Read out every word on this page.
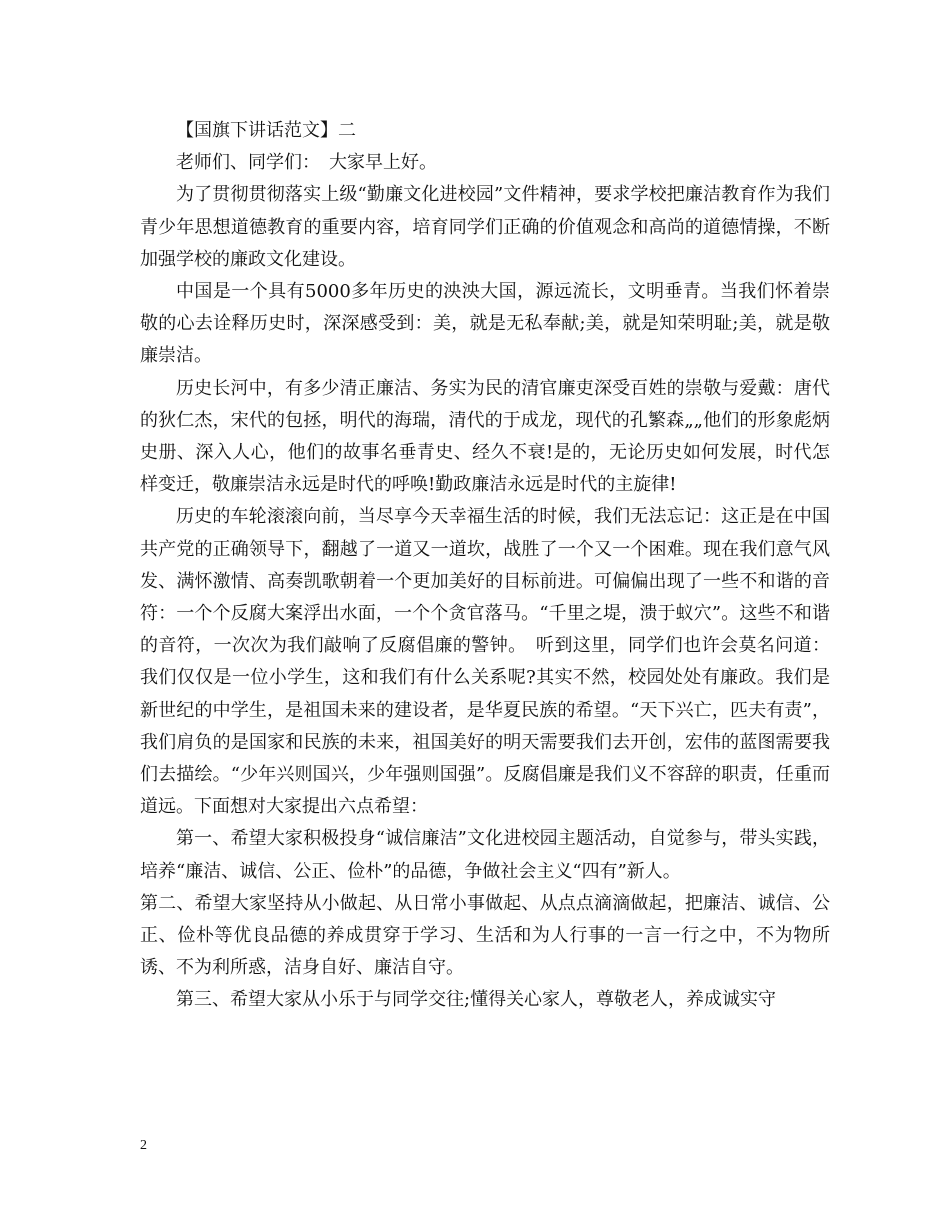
【国旗下讲话范文】二

老师们、同学们：　大家早上好。

为了贯彻贯彻落实上级“勤廉文化进校园”文件精神，要求学校把廉洁教育作为我们青少年思想道德教育的重要内容，培育同学们正确的价值观念和高尚的道德情操，不断加强学校的廉政文化建设。

中国是一个具有5000多年历史的泱泱大国，源远流长，文明垂青。当我们怀着崇敬的心去诠释历史时，深深感受到：美，就是无私奉献;美，就是知荣明耻;美，就是敬廉崇洁。

历史长河中，有多少清正廉洁、务实为民的清官廉吏深受百姓的崇敬与爱戴：唐代的狄仁杰，宋代的包拯，明代的海瑞，清代的于成龙，现代的孔繁森„„他们的形象彪炳史册、深入人心，他们的故事名垂青史、经久不衰!是的，无论历史如何发展，时代怎样变迁，敬廉崇洁永远是时代的呼唤!勤政廉洁永远是时代的主旋律!

历史的车轮滚滚向前，当尽享今天幸福生活的时候，我们无法忘记：这正是在中国共产党的正确领导下，翻越了一道又一道坎，战胜了一个又一个困难。现在我们意气风发、满怀激情、高奏凯歌朝着一个更加美好的目标前进。可偏偏出现了一些不和谐的音符：一个个反腐大案浮出水面，一个个贪官落马。“千里之堤，溃于蚁穴”。这些不和谐的音符，一次次为我们敲响了反腐倡廉的警钟。　听到这里，同学们也许会莫名问道：我们仅仅是一位小学生，这和我们有什么关系呢?其实不然，校园处处有廉政。我们是新世纪的中学生，是祖国未来的建设者，是华夏民族的希望。“天下兴亡，匹夫有责”，我们肩负的是国家和民族的未来，祖国美好的明天需要我们去开创，宏伟的蓝图需要我们去描绘。“少年兴则国兴，少年强则国强”。反腐倡廉是我们义不容辞的职责，任重而道远。下面想对大家提出六点希望：

第一、希望大家积极投身“诚信廉洁”文化进校园主题活动，自觉参与，带头实践，培养“廉洁、诚信、公正、俭朴”的品德，争做社会主义“四有”新人。

第二、希望大家坚持从小做起、从日常小事做起、从点点滴滴做起，把廉洁、诚信、公正、俭朴等优良品德的养成贯穿于学习、生活和为人行事的一言一行之中，不为物所诱、不为利所惑，洁身自好、廉洁自守。

第三、希望大家从小乐于与同学交往;懂得关心家人，尊敬老人，养成诚实守

2
